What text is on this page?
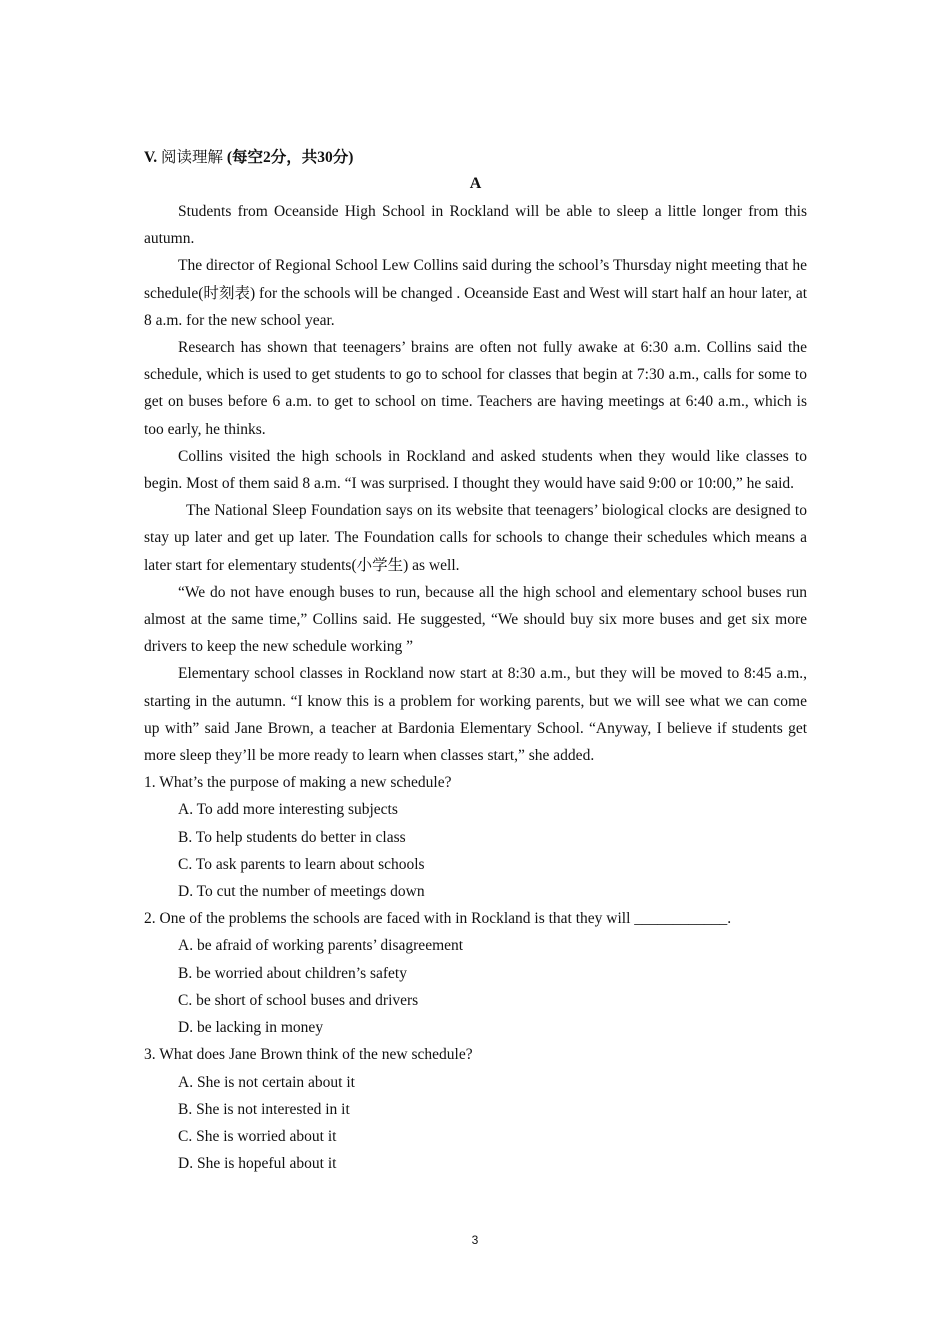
V. 阅读理解 (每空2分，共30分)

A

Students from Oceanside High School in Rockland will be able to sleep a little longer from this autumn.

The director of Regional School Lew Collins said during the school’s Thursday night meeting that he schedule(时刻表) for the schools will be changed . Oceanside East and West will start half an hour later, at 8 a.m. for the new school year.

Research has shown that teenagers’ brains are often not fully awake at 6:30 a.m. Collins said the schedule, which is used to get students to go to school for classes that begin at 7:30 a.m., calls for some to get on buses before 6 a.m. to get to school on time. Teachers are having meetings at 6:40 a.m., which is too early, he thinks.

Collins visited the high schools in Rockland and asked students when they would like classes to begin. Most of them said 8 a.m. “I was surprised. I thought they would have said 9:00 or 10:00,” he said.

The National Sleep Foundation says on its website that teenagers’ biological clocks are designed to stay up later and get up later. The Foundation calls for schools to change their schedules which means a later start for elementary students(小学生) as well.

“We do not have enough buses to run, because all the high school and elementary school buses run almost at the same time,” Collins said. He suggested, “We should buy six more buses and get six more drivers to keep the new schedule working ”

Elementary school classes in Rockland now start at 8:30 a.m., but they will be moved to 8:45 a.m., starting in the autumn. “I know this is a problem for working parents, but we will see what we can come up with” said Jane Brown, a teacher at Bardonia Elementary School. “Anyway, I believe if students get more sleep they’ll be more ready to learn when classes start,” she added.

1. What’s the purpose of making a new schedule?

A. To add more interesting subjects

B. To help students do better in class

C. To ask parents to learn about schools

D. To cut the number of meetings down

2. One of the problems the schools are faced with in Rockland is that they will ____________.

A. be afraid of working parents’ disagreement

B. be worried about children’s safety

C. be short of school buses and drivers

D. be lacking in money

3. What does Jane Brown think of the new schedule?

A. She is not certain about it

B. She is not interested in it

C. She is worried about it

D. She is hopeful about it

3
